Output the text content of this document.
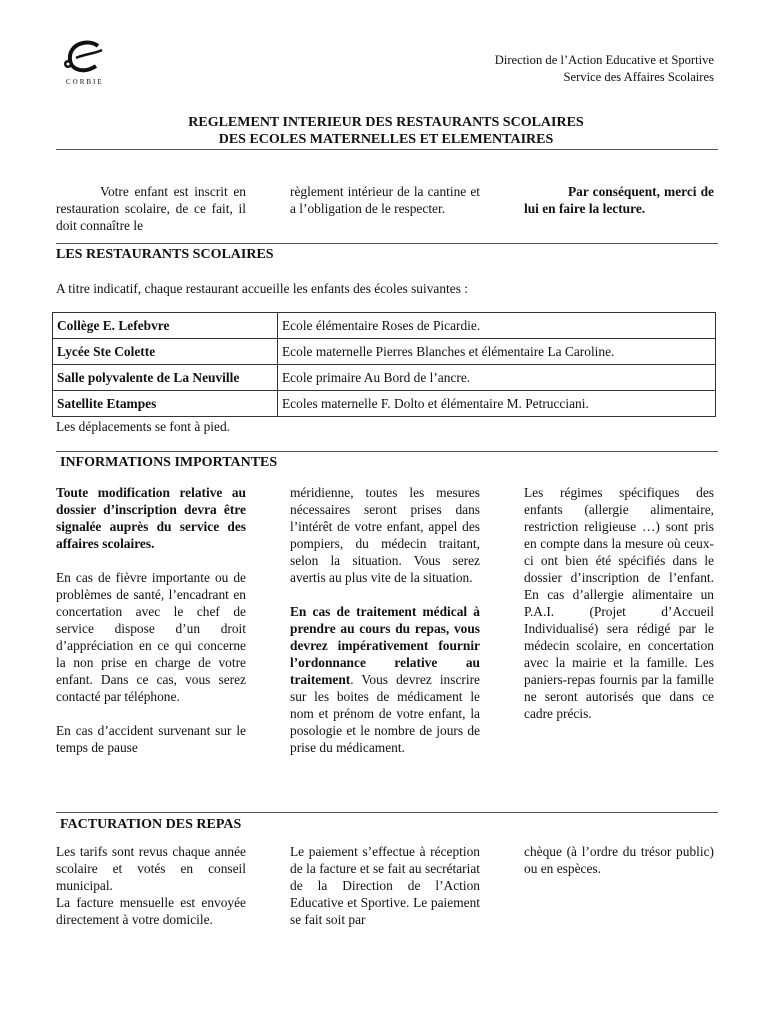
CORBIE
Direction de l’Action Educative et Sportive
Service des Affaires Scolaires
REGLEMENT INTERIEUR DES RESTAURANTS SCOLAIRES
DES ECOLES MATERNELLES ET ELEMENTAIRES
Votre enfant est inscrit en restauration scolaire, de ce fait, il doit connaître le
règlement intérieur de la cantine et a l’obligation de le respecter.
Par conséquent, merci de lui en faire la lecture.
LES RESTAURANTS SCOLAIRES
A titre indicatif, chaque restaurant accueille les enfants des écoles suivantes :
Collège E. Lefebvre	Ecole élémentaire Roses de Picardie.
Lycée Ste Colette	Ecole maternelle Pierres Blanches et élémentaire La Caroline.
Salle polyvalente de La Neuville	Ecole primaire Au Bord de l’ancre.
Satellite Etampes	Ecoles maternelle F. Dolto et élémentaire M. Petrucciani.
Les déplacements se font à pied.
INFORMATIONS IMPORTANTES

Toute modification relative au dossier d’inscription devra être signalée auprès du service des affaires scolaires.

En cas de fièvre importante ou de problèmes de santé, l’encadrant en concertation avec le chef de service dispose d’un droit d’appréciation en ce qui concerne la non prise en charge de votre enfant. Dans ce cas, vous serez contacté par téléphone.

En cas d’accident survenant sur le temps de pause

méridienne, toutes les mesures nécessaires seront prises dans l’intérêt de votre enfant, appel des pompiers, du médecin traitant, selon la situation. Vous serez avertis au plus vite de la situation.

En cas de traitement médical à prendre au cours du repas, vous devrez impérativement fournir l’ordonnance relative au traitement. Vous devrez inscrire sur les boites de médicament le nom et prénom de votre enfant, la posologie et le nombre de jours de prise du médicament.

Les régimes spécifiques des enfants (allergie alimentaire, restriction religieuse …) sont pris en compte dans la mesure où ceux-ci ont bien été spécifiés dans le dossier d’inscription de l’enfant. En cas d’allergie alimentaire un P.A.I. (Projet d’Accueil Individualisé) sera rédigé par le médecin scolaire, en concertation avec la mairie et la famille. Les paniers-repas fournis par la famille ne seront autorisés que dans ce cadre précis.
FACTURATION DES REPAS

Les tarifs sont revus chaque année scolaire et votés en conseil municipal.

La facture mensuelle est envoyée directement à votre domicile.

Le paiement s’effectue à réception de la facture et se fait au secrétariat de la Direction de l’Action Educative et Sportive. Le paiement se fait soit par
chèque (à l’ordre du trésor public) ou en espèces.
